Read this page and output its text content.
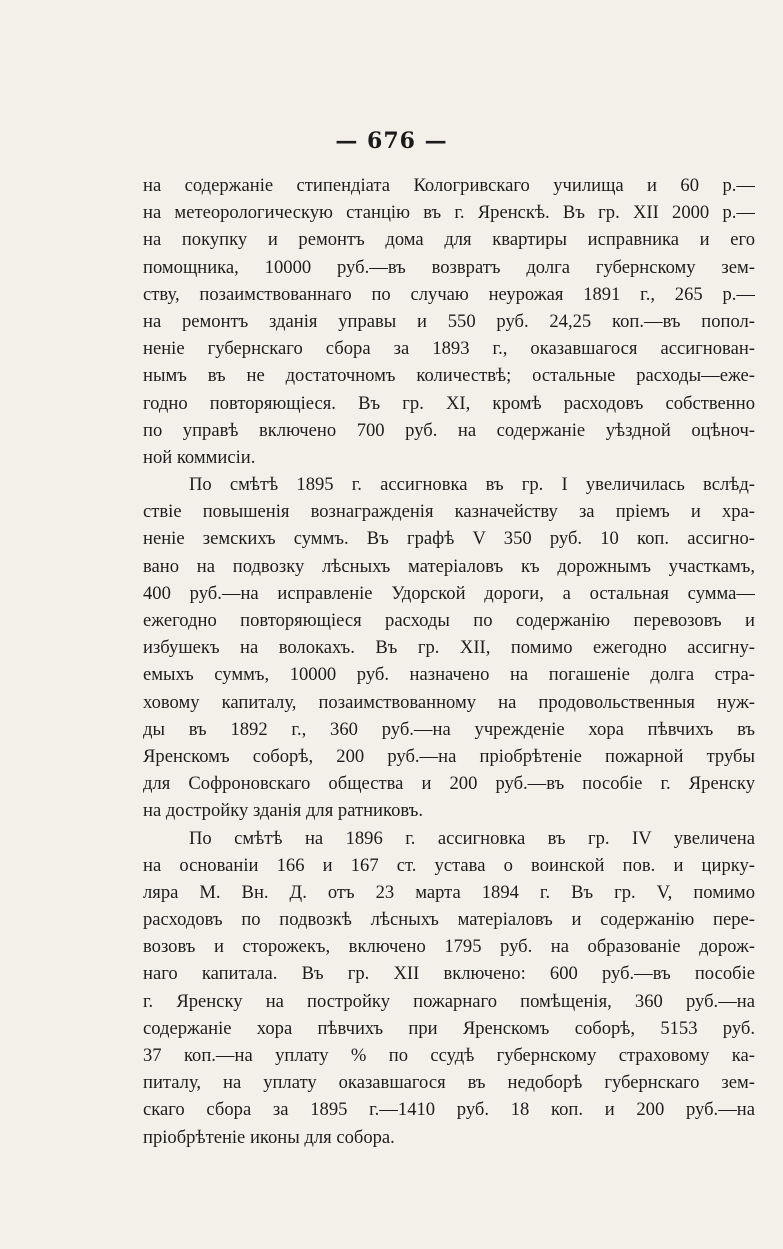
— 676 —

на содержаніе стипендіата Кологривскаго училища и 60 р.—
на метеорологическую станцію въ г. Яренскѣ. Въ гр. XII 2000 р.—
на покупку и ремонтъ дома для квартиры исправника и его
помощника, 10000 руб.—въ возвратъ долга губернскому зем-
ству, позаимствованнаго по случаю неурожая 1891 г., 265 р.—
на ремонтъ зданія управы и 550 руб. 24,25 коп.—въ попол-
неніе губернскаго сбора за 1893 г., оказавшагося ассигнован-
нымъ въ не достаточномъ количествѣ; остальные расходы—еже-
годно повторяющіеся. Въ гр. XI, кромѣ расходовъ собственно
по управѣ включено 700 руб. на содержаніе уѣздной оцѣноч-
ной коммисіи.

По смѣтѣ 1895 г. ассигновка въ гр. I увеличилась вслѣд-
ствіе повышенія вознагражденія казначейству за пріемъ и хра-
неніе земскихъ суммъ. Въ графѣ V 350 руб. 10 коп. ассигно-
вано на подвозку лѣсныхъ матеріаловъ къ дорожнымъ участкамъ,
400 руб.—на исправленіе Удорской дороги, а остальная сумма—
ежегодно повторяющіеся расходы по содержанію перевозовъ и
избушекъ на волокахъ. Въ гр. XII, помимо ежегодно ассигну-
емыхъ суммъ, 10000 руб. назначено на погашеніе долга стра-
ховому капиталу, позаимствованному на продовольственныя нуж-
ды въ 1892 г., 360 руб.—на учрежденіе хора пѣвчихъ въ
Яренскомъ соборѣ, 200 руб.—на пріобрѣтеніе пожарной трубы
для Софроновскаго общества и 200 руб.—въ пособіе г. Яренску
на достройку зданія для ратниковъ.

По смѣтѣ на 1896 г. ассигновка въ гр. IV увеличена
на основаніи 166 и 167 ст. устава о воинской пов. и цирку-
ляра М. Вн. Д. отъ 23 марта 1894 г. Въ гр. V, помимо
расходовъ по подвозкѣ лѣсныхъ матеріаловъ и содержанію пере-
возовъ и сторожекъ, включено 1795 руб. на образованіе дорож-
наго капитала. Въ гр. XII включено: 600 руб.—въ пособіе
г. Яренску на постройку пожарнаго помѣщенія, 360 руб.—на
содержаніе хора пѣвчихъ при Яренскомъ соборѣ, 5153 руб.
37 коп.—на уплату % по ссудѣ губернскому страховому ка-
питалу, на уплату оказавшагося въ недоборѣ губернскаго зем-
скаго сбора за 1895 г.—1410 руб. 18 коп. и 200 руб.—на
пріобрѣтеніе иконы для собора.
